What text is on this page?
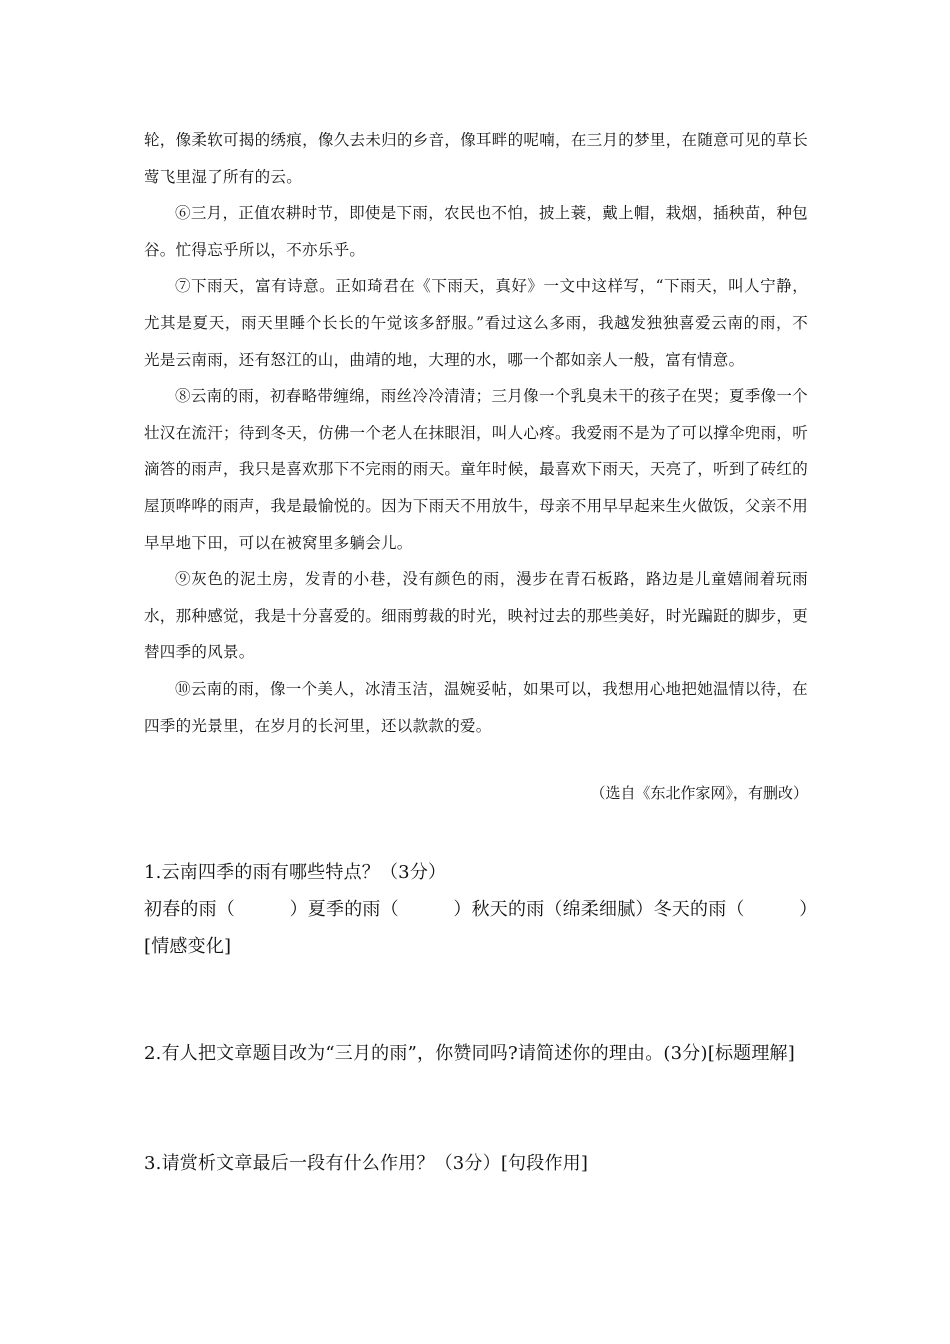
轮，像柔软可揭的绣痕，像久去未归的乡音，像耳畔的呢喃，在三月的梦里，在随意可见的草长莺飞里湿了所有的云。

⑥三月，正值农耕时节，即使是下雨，农民也不怕，披上蓑，戴上帽，栽烟，插秧苗，种包谷。忙得忘乎所以，不亦乐乎。

⑦下雨天，富有诗意。正如琦君在《下雨天，真好》一文中这样写，“下雨天，叫人宁静，尤其是夏天，雨天里睡个长长的午觉该多舒服。”看过这么多雨，我越发独独喜爱云南的雨，不光是云南雨，还有怒江的山，曲靖的地，大理的水，哪一个都如亲人一般，富有情意。

⑧云南的雨，初春略带缠绵，雨丝冷冷清清；三月像一个乳臭未干的孩子在哭；夏季像一个壮汉在流汗；待到冬天，仿佛一个老人在抹眼泪，叫人心疼。我爱雨不是为了可以撑伞兜雨，听滴答的雨声，我只是喜欢那下不完雨的雨天。童年时候，最喜欢下雨天，天亮了，听到了砖红的屋顶哗哗的雨声，我是最愉悦的。因为下雨天不用放牛，母亲不用早早起来生火做饭，父亲不用早早地下田，可以在被窝里多躺会儿。

⑨灰色的泥土房，发青的小巷，没有颜色的雨，漫步在青石板路，路边是儿童嬉闹着玩雨水，那种感觉，我是十分喜爱的。细雨剪裁的时光，映衬过去的那些美好，时光蹁跹的脚步，更替四季的风景。

⑩云南的雨，像一个美人，冰清玉洁，温婉妥帖，如果可以，我想用心地把她温情以待，在四季的光景里，在岁月的长河里，还以款款的爱。

（选自《东北作家网》，有删改）

1.云南四季的雨有哪些特点？（3分）

初春的雨（　　　）夏季的雨（　　　）秋天的雨（绵柔细腻）冬天的雨（　　　）[情感变化]

2.有人把文章题目改为“三月的雨”，你赞同吗?请简述你的理由。(3分)[标题理解]

3.请赏析文章最后一段有什么作用？（3分）[句段作用]
